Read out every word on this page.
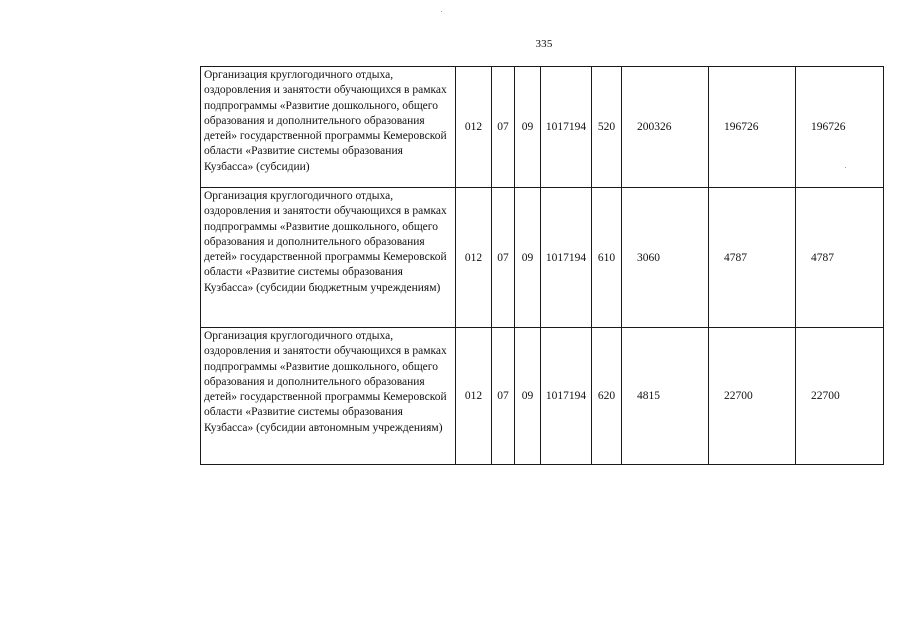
335
Организация круглогодичного отдыха, оздоровления и занятости обучающихся в рамках подпрограммы «Развитие дошкольного, общего образования и дополнительного образования детей» государственной программы Кемеровской области «Развитие системы образования Кузбасса» (субсидии)	012	07	09	1017194	520	200326	196726	196726
Организация круглогодичного отдыха, оздоровления и занятости обучающихся в рамках подпрограммы «Развитие дошкольного, общего образования и дополнительного образования детей» государственной программы Кемеровской области «Развитие системы образования Кузбасса» (субсидии бюджетным учреждениям)	012	07	09	1017194	610	3060	4787	4787
Организация круглогодичного отдыха, оздоровления и занятости обучающихся в рамках подпрограммы «Развитие дошкольного, общего образования и дополнительного образования детей» государственной программы Кемеровской области «Развитие системы образования Кузбасса» (субсидии автономным учреждениям)	012	07	09	1017194	620	4815	22700	22700
